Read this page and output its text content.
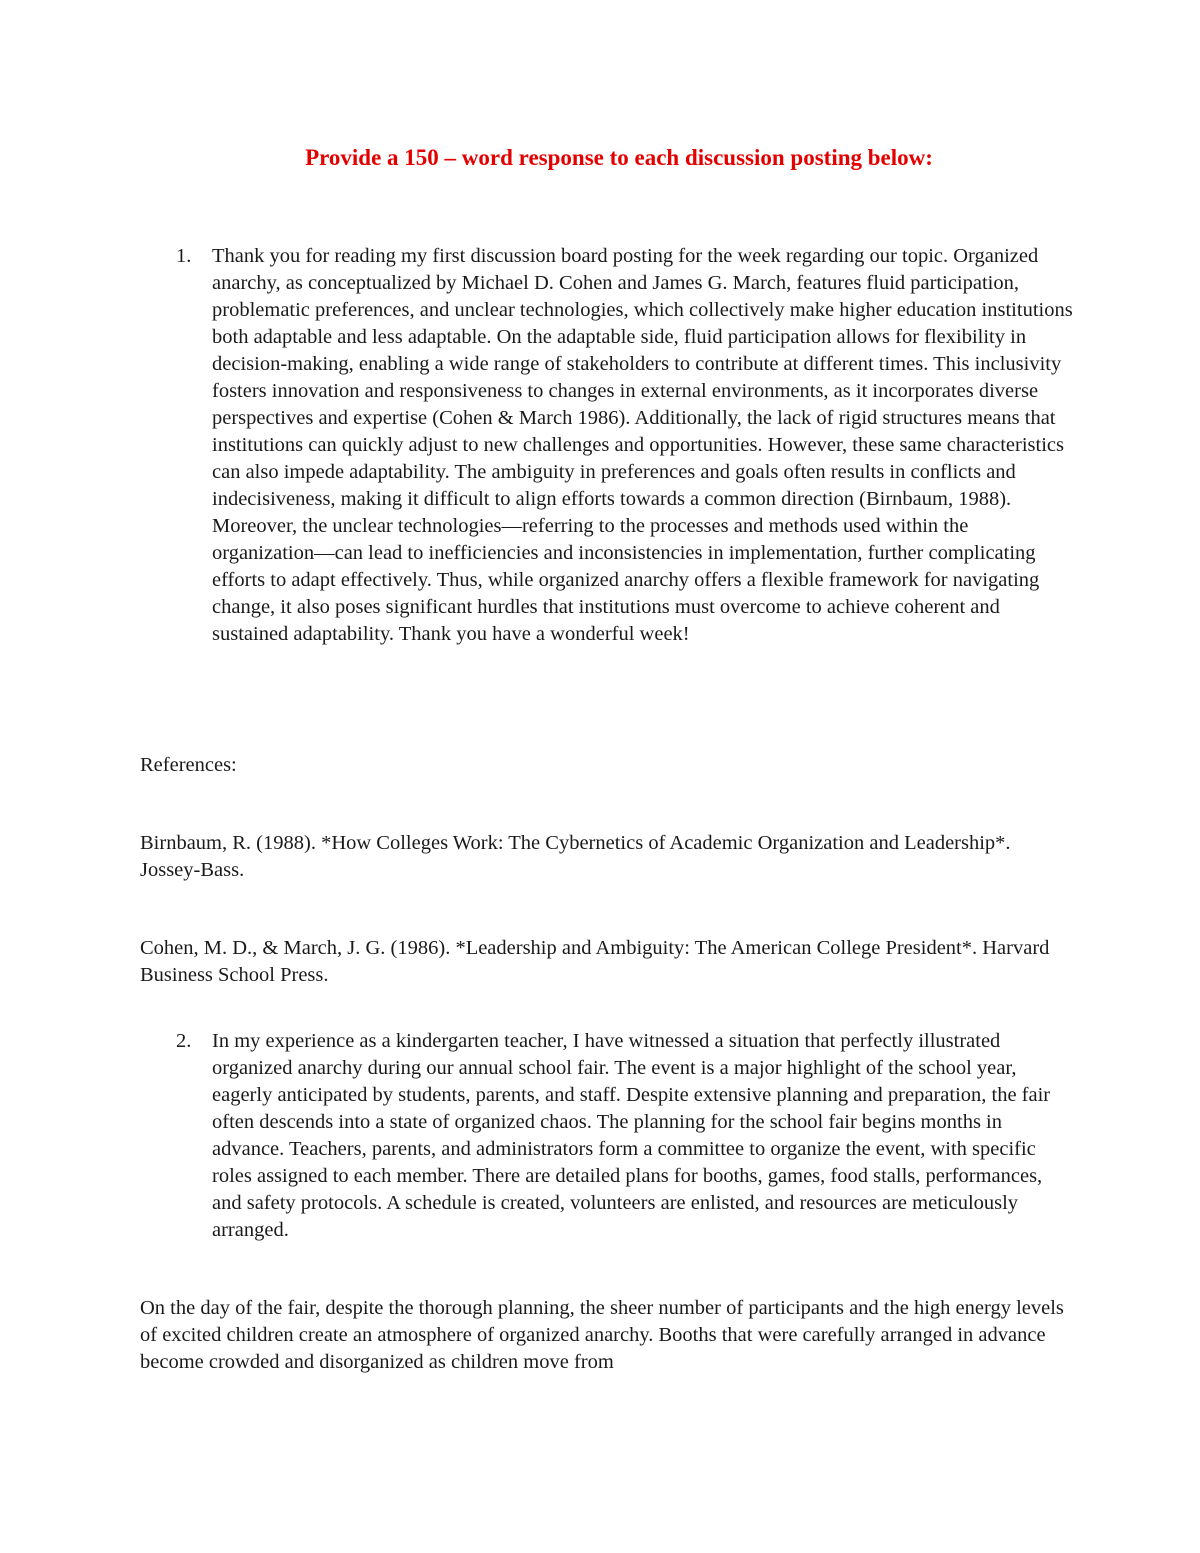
Provide a 150 – word response to each discussion posting below:
1. Thank you for reading my first discussion board posting for the week regarding our topic. Organized anarchy, as conceptualized by Michael D. Cohen and James G. March, features fluid participation, problematic preferences, and unclear technologies, which collectively make higher education institutions both adaptable and less adaptable. On the adaptable side, fluid participation allows for flexibility in decision-making, enabling a wide range of stakeholders to contribute at different times. This inclusivity fosters innovation and responsiveness to changes in external environments, as it incorporates diverse perspectives and expertise (Cohen & March 1986). Additionally, the lack of rigid structures means that institutions can quickly adjust to new challenges and opportunities. However, these same characteristics can also impede adaptability. The ambiguity in preferences and goals often results in conflicts and indecisiveness, making it difficult to align efforts towards a common direction (Birnbaum, 1988). Moreover, the unclear technologies—referring to the processes and methods used within the organization—can lead to inefficiencies and inconsistencies in implementation, further complicating efforts to adapt effectively. Thus, while organized anarchy offers a flexible framework for navigating change, it also poses significant hurdles that institutions must overcome to achieve coherent and sustained adaptability. Thank you have a wonderful week!

References:

Birnbaum, R. (1988). *How Colleges Work: The Cybernetics of Academic Organization and Leadership*. Jossey-Bass.

Cohen, M. D., & March, J. G. (1986). *Leadership and Ambiguity: The American College President*. Harvard Business School Press.

2. In my experience as a kindergarten teacher, I have witnessed a situation that perfectly illustrated organized anarchy during our annual school fair. The event is a major highlight of the school year, eagerly anticipated by students, parents, and staff. Despite extensive planning and preparation, the fair often descends into a state of organized chaos. The planning for the school fair begins months in advance. Teachers, parents, and administrators form a committee to organize the event, with specific roles assigned to each member. There are detailed plans for booths, games, food stalls, performances, and safety protocols. A schedule is created, volunteers are enlisted, and resources are meticulously arranged.

On the day of the fair, despite the thorough planning, the sheer number of participants and the high energy levels of excited children create an atmosphere of organized anarchy. Booths that were carefully arranged in advance become crowded and disorganized as children move from
